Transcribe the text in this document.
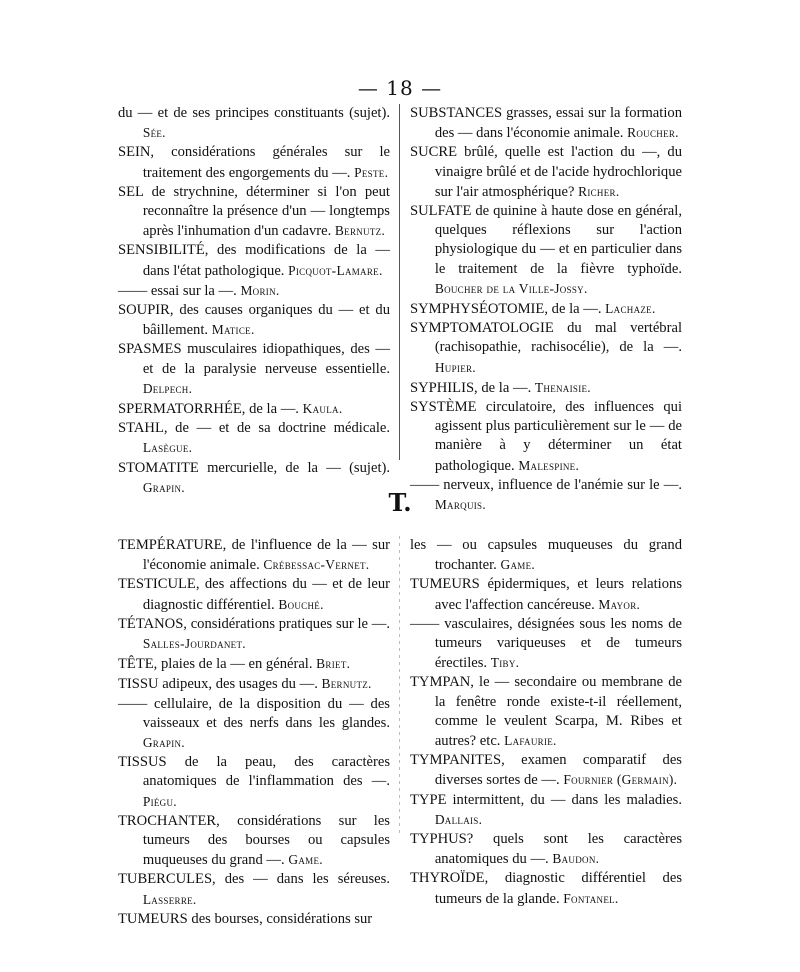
— 18 —
du — et de ses principes constituants (sujet). Sée.
SEIN, considérations générales sur le traitement des engorgements du —. Peste.
SEL de strychnine, déterminer si l'on peut reconnaître la présence d'un — longtemps après l'inhumation d'un cadavre. Bernutz.
SENSIBILITÉ, des modifications de la — dans l'état pathologique. Picquot-Lamare.
—— essai sur la —. Morin.
SOUPIR, des causes organiques du — et du bâillement. Matice.
SPASMES musculaires idiopathiques, des — et de la paralysie nerveuse essentielle. Delpech.
SPERMATORRHÉE, de la —. Kaula.
STAHL, de — et de sa doctrine médicale. Lasègue.
STOMATITE mercurielle, de la — (sujet). Grapin.
SUBSTANCES grasses, essai sur la formation des — dans l'économie animale. Roucher.
SUCRE brûlé, quelle est l'action du —, du vinaigre brûlé et de l'acide hydrochlorique sur l'air atmosphérique? Richer.
SULFATE de quinine à haute dose en général, quelques réflexions sur l'action physiologique du — et en particulier dans le traitement de la fièvre typhoïde. Boucher de la Ville-Jossy.
SYMPHYSÉOTOMIE, de la —. Lachaze.
SYMPTOMATOLOGIE du mal vertébral (rachisopathie, rachisocélie), de la —. Hupier.
SYPHILIS, de la —. Thenaisie.
SYSTÈME circulatoire, des influences qui agissent plus particulièrement sur le — de manière à y déterminer un état pathologique. Malespine.
—— nerveux, influence de l'anémie sur le —. Marquis.
T.
TEMPÉRATURE, de l'influence de la — sur l'économie animale. Crébessac-Vernet.
TESTICULE, des affections du — et de leur diagnostic différentiel. Bouché.
TÉTANOS, considérations pratiques sur le —. Salles-Jourdanet.
TÊTE, plaies de la — en général. Briet.
TISSU adipeux, des usages du —. Bernutz.
—— cellulaire, de la disposition du — des vaisseaux et des nerfs dans les glandes. Grapin.
TISSUS de la peau, des caractères anatomiques de l'inflammation des —. Piégu.
TROCHANTER, considérations sur les tumeurs des bourses ou capsules muqueuses du grand —. Game.
TUBERCULES, des — dans les séreuses. Lasserre.
TUMEURS des bourses, considérations sur
les — ou capsules muqueuses du grand trochanter. Game.
TUMEURS épidermiques, et leurs relations avec l'affection cancéreuse. Mayor.
—— vasculaires, désignées sous les noms de tumeurs variqueuses et de tumeurs érectiles. Tiby.
TYMPAN, le — secondaire ou membrane de la fenêtre ronde existe-t-il réellement, comme le veulent Scarpa, M. Ribes et autres? etc. Lafaurie.
TYMPANITES, examen comparatif des diverses sortes de —. Fournier (Germain).
TYPE intermittent, du — dans les maladies. Dallais.
TYPHUS? quels sont les caractères anatomiques du —. Baudon.
THYROÏDE, diagnostic différentiel des tumeurs de la glande. Fontanel.
